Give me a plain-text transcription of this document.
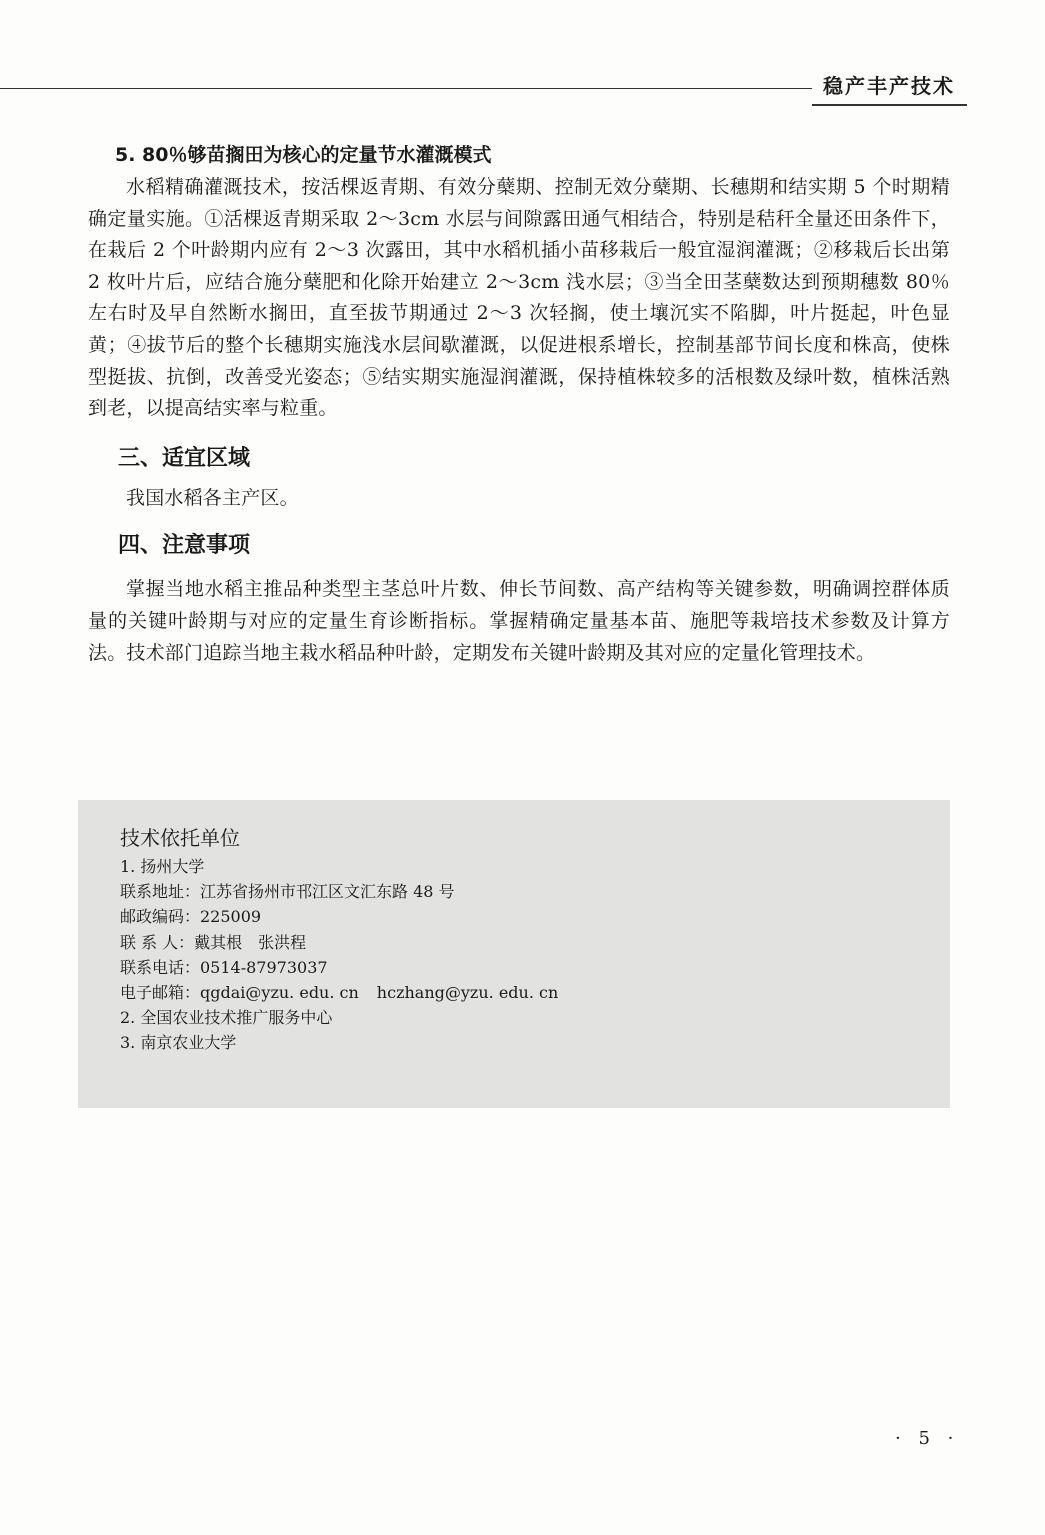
稳产丰产技术
5. 80％够苗搁田为核心的定量节水灌溉模式

水稻精确灌溉技术，按活棵返青期、有效分蘖期、控制无效分蘖期、长穗期和结实期 5 个时期精确定量实施。①活棵返青期采取 2～3cm 水层与间隙露田通气相结合，特别是秸秆全量还田条件下，在栽后 2 个叶龄期内应有 2～3 次露田，其中水稻机插小苗移栽后一般宜湿润灌溉；②移栽后长出第 2 枚叶片后，应结合施分蘖肥和化除开始建立 2～3cm 浅水层；③当全田茎蘖数达到预期穗数 80％左右时及早自然断水搁田，直至拔节期通过 2～3 次轻搁，使土壤沉实不陷脚，叶片挺起，叶色显黄；④拔节后的整个长穗期实施浅水层间歇灌溉，以促进根系增长，控制基部节间长度和株高，使株型挺拔、抗倒，改善受光姿态；⑤结实期实施湿润灌溉，保持植株较多的活根数及绿叶数，植株活熟到老，以提高结实率与粒重。

三、适宜区域

我国水稻各主产区。

四、注意事项

掌握当地水稻主推品种类型主茎总叶片数、伸长节间数、高产结构等关键参数，明确调控群体质量的关键叶龄期与对应的定量生育诊断指标。掌握精确定量基本苗、施肥等栽培技术参数及计算方法。技术部门追踪当地主栽水稻品种叶龄，定期发布关键叶龄期及其对应的定量化管理技术。

技术依托单位
1. 扬州大学
联系地址：江苏省扬州市邗江区文汇东路 48 号
邮政编码：225009
联 系 人：戴其根　张洪程
联系电话：0514-87973037
电子邮箱：qgdai@yzu. edu. cn hczhang@yzu. edu. cn
2. 全国农业技术推广服务中心
3. 南京农业大学
· 5 ·
